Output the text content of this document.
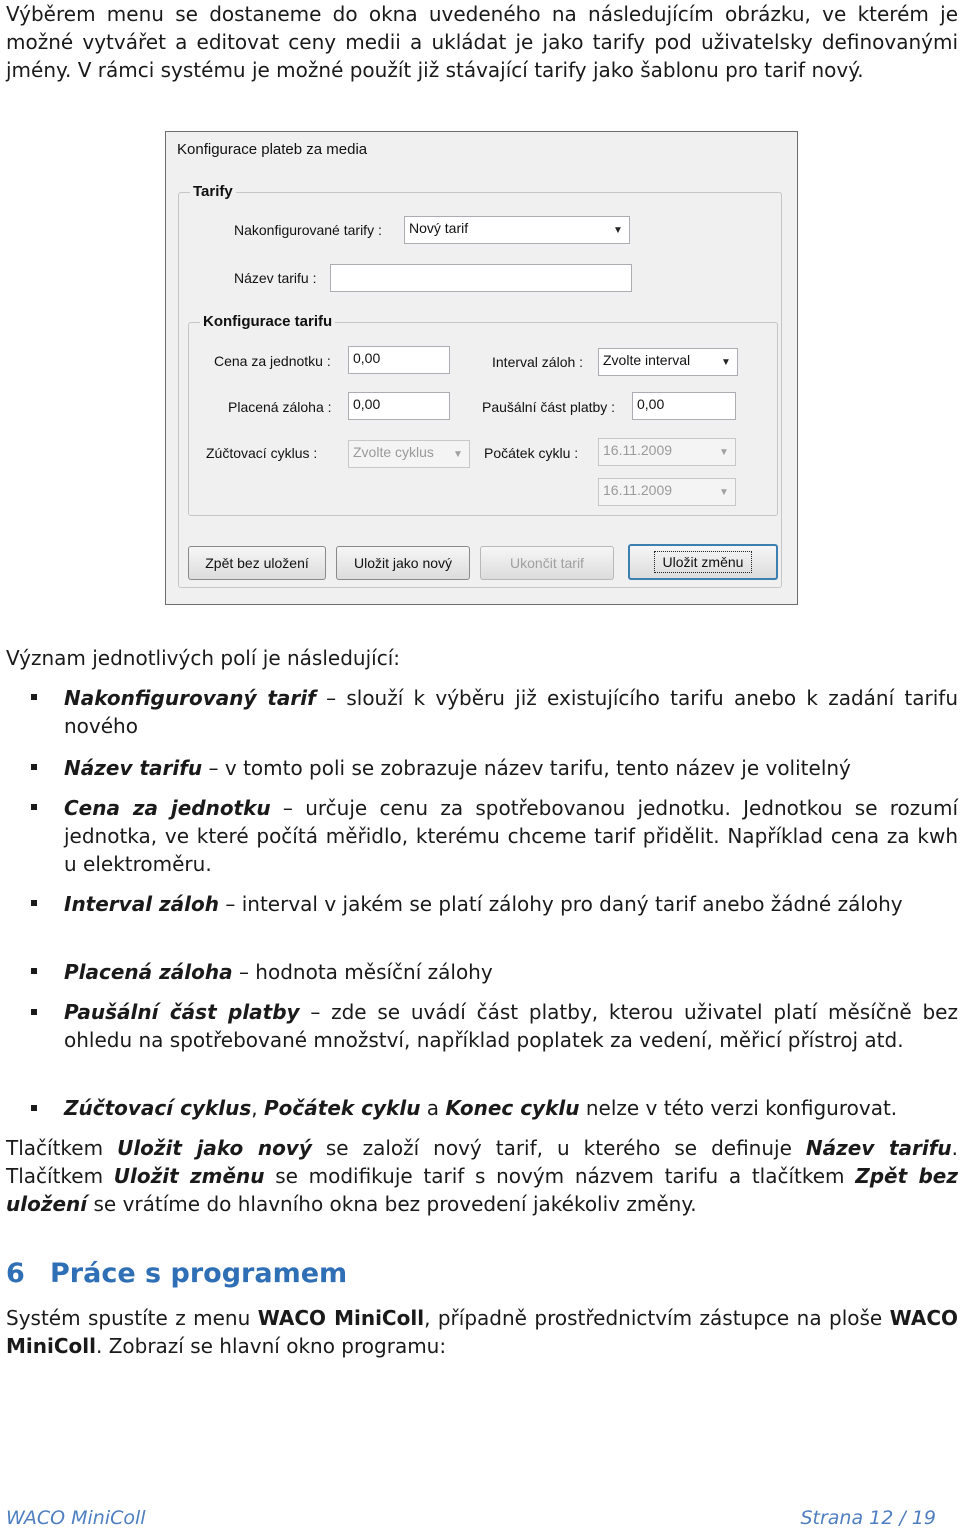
Výběrem menu se dostaneme do okna uvedeného na následujícím obrázku, ve kterém je možné vytvářet a editovat ceny medii a ukládat je jako tarify pod uživatelsky definovanými jmény. V rámci systému je možné použít již stávající tarify jako šablonu pro tarif nový.
Konfigurace plateb za media
Tarify
Nakonfigurované tarify :	Nový tarif	▼
Název tarifu :
Konfigurace tarifu
Cena za jednotku :	0,00	Interval záloh :	Zvolte interval	▼
Placená záloha :	0,00	Paušální část platby :	0,00
Zúčtovací cyklus :	Zvolte cyklus	▼	Počátek cyklu :	16.11.2009	▼
16.11.2009	▼
Zpět bez uložení	Uložit jako nový	Ukončit tarif	Uložit změnu
Význam jednotlivých polí je následující:
Nakonfigurovaný tarif – slouží k výběru již existujícího tarifu anebo k zadání tarifu nového
Název tarifu – v tomto poli se zobrazuje název tarifu, tento název je volitelný
Cena za jednotku – určuje cenu za spotřebovanou jednotku. Jednotkou se rozumí jednotka, ve které počítá měřidlo, kterému chceme tarif přidělit. Například cena za kwh u elektroměru.
Interval záloh – interval v jakém se platí zálohy pro daný tarif anebo žádné zálohy
Placená záloha – hodnota měsíční zálohy
Paušální část platby – zde se uvádí část platby, kterou uživatel platí měsíčně bez ohledu na spotřebované množství, například poplatek za vedení, měřicí přístroj atd.
Zúčtovací cyklus, Počátek cyklu a Konec cyklu nelze v této verzi konfigurovat.
Tlačítkem Uložit jako nový se založí nový tarif, u kterého se definuje Název tarifu. Tlačítkem Uložit změnu se modifikuje tarif s novým názvem tarifu a tlačítkem Zpět bez uložení se vrátíme do hlavního okna bez provedení jakékoliv změny.
6 Práce s programem
Systém spustíte z menu WACO MiniColl, případně prostřednictvím zástupce na ploše WACO MiniColl. Zobrazí se hlavní okno programu:
WACO MiniColl	Strana 12 / 19
